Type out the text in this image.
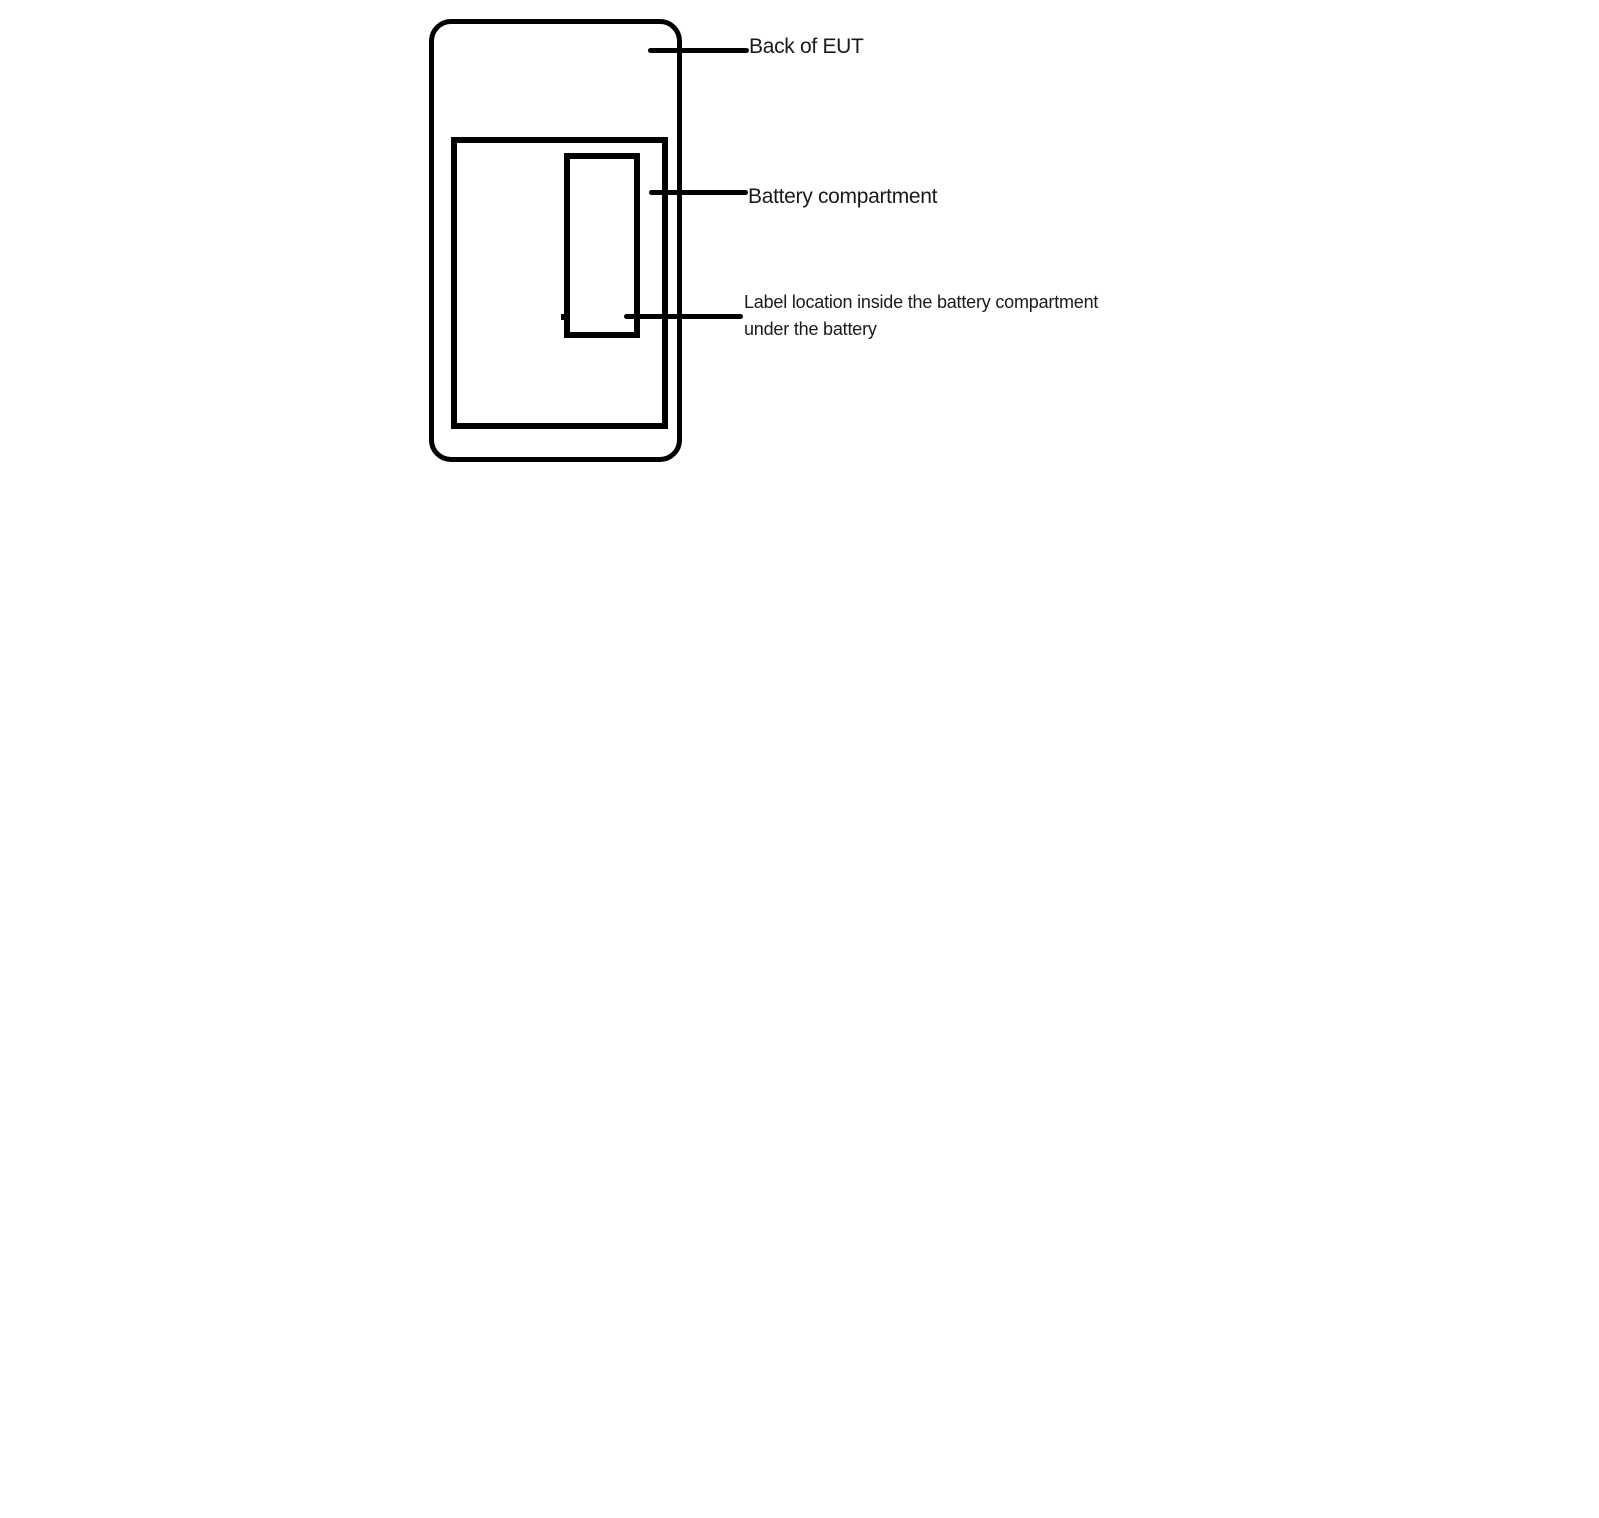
Back of EUT
Battery compartment
Label location inside the battery compartment
under the battery
